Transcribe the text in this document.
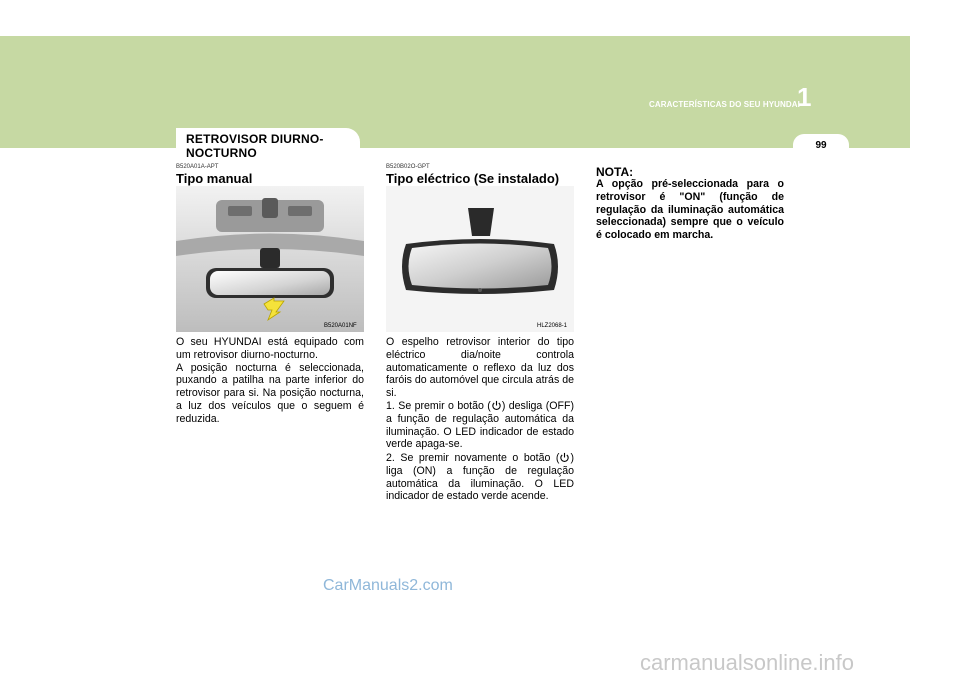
CARACTERÍSTICAS DO SEU HYUNDAI
1
99
RETROVISOR DIURNO-
NOCTURNO
B520A01A-APT
Tipo manual
B520A01NF

O seu HYUNDAI está equipado com um retrovisor diurno-nocturno.

A posição nocturna é seleccionada, puxando a patilha na parte inferior do retrovisor para si. Na posição nocturna, a luz dos veículos que o seguem é reduzida.

B520B02O-GPT
Tipo eléctrico (Se instalado)
HLZ2068-1
O espelho retrovisor interior do tipo eléctrico dia/noite controla automaticamente o reflexo da luz dos faróis do automóvel que circula atrás de si.
1. Se premir o botão ( ) desliga (OFF) a função de regulação automática da iluminação. O LED indicador de estado verde apaga-se.
2. Se premir novamente o botão ( ) liga (ON) a função de regulação automática da iluminação. O LED indicador de estado verde acende.
NOTA:
A opção pré-seleccionada para o retrovisor é "ON" (função de regulação da iluminação automática seleccionada) sempre que o veículo é colocado em marcha.
CarManuals2.com
carmanualsonline.info
